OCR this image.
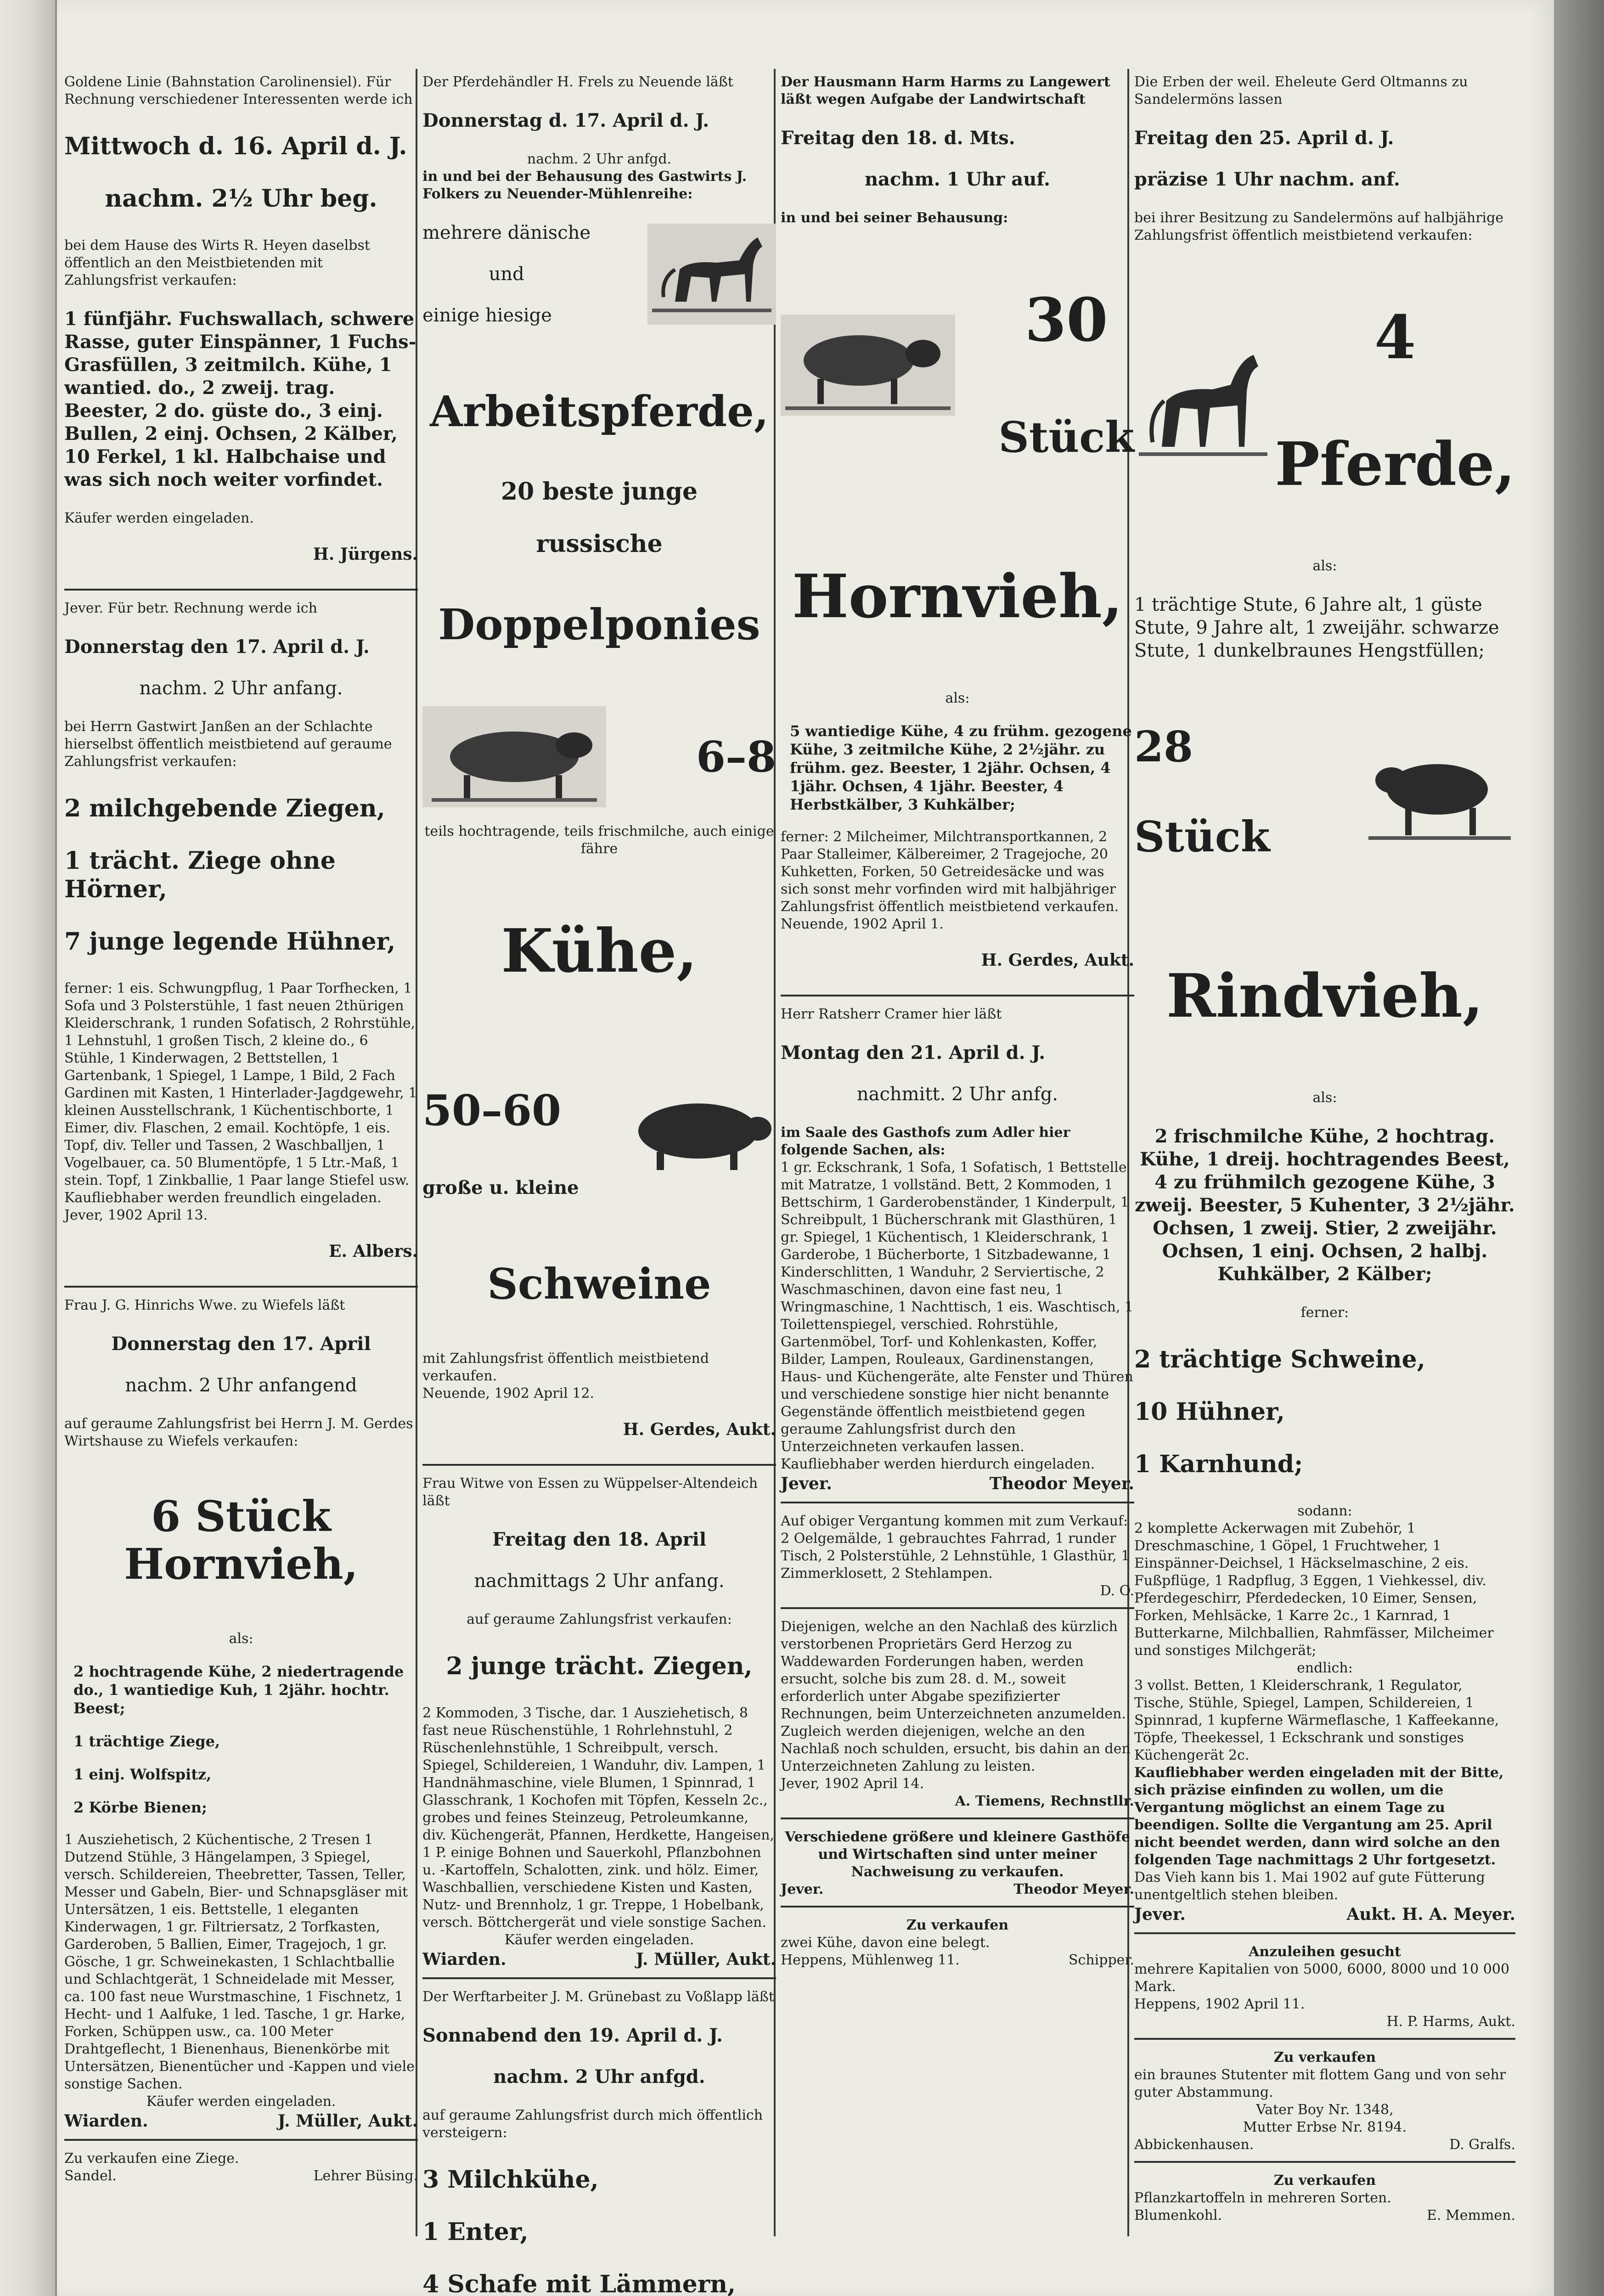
Goldene Linie (Bahnstation Carolinensiel). Für Rechnung verschiedener Interessenten werde ich

Mittwoch d. 16. April d. J.

nachm. 2½ Uhr beg.

bei dem Hause des Wirts R. Heyen daselbst öffentlich an den Meistbietenden mit Zahlungsfrist verkaufen:

1 fünfjähr. Fuchswallach, schwere Rasse, guter Einspänner, 1 Fuchs-Grasfüllen, 3 zeitmilch. Kühe, 1 wantied. do., 2 zweij. trag. Beester, 2 do. güste do., 3 einj. Bullen, 2 einj. Ochsen, 2 Kälber, 10 Ferkel, 1 kl. Halbchaise und was sich noch weiter vorfindet.

Käufer werden eingeladen.

H. Jürgens.

Jever. Für betr. Rechnung werde ich

Donnerstag den 17. April d. J.

nachm. 2 Uhr anfang.

bei Herrn Gastwirt Janßen an der Schlachte hierselbst öffentlich meistbietend auf geraume Zahlungsfrist verkaufen:

2 milchgebende Ziegen,

1 trächt. Ziege ohne Hörner,

7 junge legende Hühner,

ferner: 1 eis. Schwungpflug, 1 Paar Torfhecken, 1 Sofa und 3 Polsterstühle, 1 fast neuen 2thürigen Kleiderschrank, 1 runden Sofatisch, 2 Rohrstühle, 1 Lehnstuhl, 1 großen Tisch, 2 kleine do., 6 Stühle, 1 Kinderwagen, 2 Bettstellen, 1 Gartenbank, 1 Spiegel, 1 Lampe, 1 Bild, 2 Fach Gardinen mit Kasten, 1 Hinterlader-Jagdgewehr, 1 kleinen Ausstellschrank, 1 Küchentischborte, 1 Eimer, div. Flaschen, 2 email. Kochtöpfe, 1 eis. Topf, div. Teller und Tassen, 2 Waschballjen, 1 Vogelbauer, ca. 50 Blumentöpfe, 1 5 Ltr.-Maß, 1 stein. Topf, 1 Zinkballie, 1 Paar lange Stiefel usw.

Kaufliebhaber werden freundlich eingeladen.

Jever, 1902 April 13.

E. Albers.

Frau J. G. Hinrichs Wwe. zu Wiefels läßt

Donnerstag den 17. April

nachm. 2 Uhr anfangend

auf geraume Zahlungsfrist bei Herrn J. M. Gerdes Wirtshause zu Wiefels verkaufen:

6 Stück Hornvieh,

als:

2 hochtragende Kühe, 2 niedertragende do., 1 wantiedige Kuh, 1 2jähr. hochtr. Beest;

1 trächtige Ziege,

1 einj. Wolfspitz,

2 Körbe Bienen;

1 Ausziehetisch, 2 Küchentische, 2 Tresen 1 Dutzend Stühle, 3 Hängelampen, 3 Spiegel, versch. Schildereien, Theebretter, Tassen, Teller, Messer und Gabeln, Bier- und Schnapsgläser mit Untersätzen, 1 eis. Bettstelle, 1 eleganten Kinderwagen, 1 gr. Filtriersatz, 2 Torfkasten, Garderoben, 5 Ballien, Eimer, Tragejoch, 1 gr. Gösche, 1 gr. Schweinekasten, 1 Schlachtballie und Schlachtgerät, 1 Schneidelade mit Messer, ca. 100 fast neue Wurstmaschine, 1 Fischnetz, 1 Hecht- und 1 Aalfuke, 1 led. Tasche, 1 gr. Harke, Forken, Schüppen usw., ca. 100 Meter Drahtgeflecht, 1 Bienenhaus, Bienenkörbe mit Untersätzen, Bienentücher und -Kappen und viele sonstige Sachen.

Käufer werden eingeladen.

Wiarden.	J. Müller, Aukt.

Zu verkaufen eine Ziege.

Sandel.	Lehrer Büsing.

Der Pferdehändler H. Frels zu Neuende läßt

Donnerstag d. 17. April d. J.

nachm. 2 Uhr anfgd.

in und bei der Behausung des Gastwirts J. Folkers zu Neuender-Mühlenreihe:

mehrere dänische

und

einige hiesige

Arbeitspferde,

20 beste junge

russische

Doppelponies

6–8

teils hochtragende, teils frischmilche, auch einige fähre

Kühe,

50–60

große u. kleine

Schweine

mit Zahlungsfrist öffentlich meistbietend verkaufen.

Neuende, 1902 April 12.

H. Gerdes, Aukt.

Frau Witwe von Essen zu Wüppelser-Altendeich läßt

Freitag den 18. April

nachmittags 2 Uhr anfang.

auf geraume Zahlungsfrist verkaufen:

2 junge trächt. Ziegen,

2 Kommoden, 3 Tische, dar. 1 Ausziehetisch, 8 fast neue Rüschenstühle, 1 Rohrlehnstuhl, 2 Rüschenlehnstühle, 1 Schreibpult, versch. Spiegel, Schildereien, 1 Wanduhr, div. Lampen, 1 Handnähmaschine, viele Blumen, 1 Spinnrad, 1 Glasschrank, 1 Kochofen mit Töpfen, Kesseln 2c., grobes und feines Steinzeug, Petroleumkanne, div. Küchengerät, Pfannen, Herdkette, Hangeisen, 1 P. einige Bohnen und Sauerkohl, Pflanzbohnen u. -Kartoffeln, Schalotten, zink. und hölz. Eimer, Waschballien, verschiedene Kisten und Kasten, Nutz- und Brennholz, 1 gr. Treppe, 1 Hobelbank, versch. Böttchergerät und viele sonstige Sachen.

Käufer werden eingeladen.

Wiarden.	J. Müller, Aukt.

Der Werftarbeiter J. M. Grünebast zu Voßlapp läßt

Sonnabend den 19. April d. J.

nachm. 2 Uhr anfgd.

auf geraume Zahlungsfrist durch mich öffentlich versteigern:

3 Milchkühe,

1 Enter,

4 Schafe mit Lämmern,

Der Hausmann Harm Harms zu Langewert läßt wegen Aufgabe der Landwirtschaft

Freitag den 18. d. Mts.

nachm. 1 Uhr auf.

in und bei seiner Behausung:

30

Stück

Hornvieh,

als:

5 wantiedige Kühe, 4 zu frühm. gezogene Kühe, 3 zeitmilche Kühe, 2 2½jähr. zu frühm. gez. Beester, 1 2jähr. Ochsen, 4 1jähr. Ochsen, 4 1jähr. Beester, 4 Herbstkälber, 3 Kuhkälber;

ferner: 2 Milcheimer, Milchtransportkannen, 2 Paar Stalleimer, Kälbereimer, 2 Tragejoche, 20 Kuhketten, Forken, 50 Getreidesäcke und was sich sonst mehr vorfinden wird mit halbjähriger Zahlungsfrist öffentlich meistbietend verkaufen.

Neuende, 1902 April 1.

H. Gerdes, Aukt.

Herr Ratsherr Cramer hier läßt

Montag den 21. April d. J.

nachmitt. 2 Uhr anfg.

im Saale des Gasthofs zum Adler hier folgende Sachen, als:

1 gr. Eckschrank, 1 Sofa, 1 Sofatisch, 1 Bettstelle mit Matratze, 1 vollständ. Bett, 2 Kommoden, 1 Bettschirm, 1 Garderobenständer, 1 Kinderpult, 1 Schreibpult, 1 Bücherschrank mit Glasthüren, 1 gr. Spiegel, 1 Küchentisch, 1 Kleiderschrank, 1 Garderobe, 1 Bücherborte, 1 Sitzbadewanne, 1 Kinderschlitten, 1 Wanduhr, 2 Serviertische, 2 Waschmaschinen, davon eine fast neu, 1 Wringmaschine, 1 Nachttisch, 1 eis. Waschtisch, 1 Toilettenspiegel, verschied. Rohrstühle, Gartenmöbel, Torf- und Kohlenkasten, Koffer, Bilder, Lampen, Rouleaux, Gardinenstangen, Haus- und Küchengeräte, alte Fenster und Thüren und verschiedene sonstige hier nicht benannte Gegenstände öffentlich meistbietend gegen geraume Zahlungsfrist durch den Unterzeichneten verkaufen lassen.

Kaufliebhaber werden hierdurch eingeladen.

Jever.	Theodor Meyer.

Auf obiger Vergantung kommen mit zum Verkauf:

2 Oelgemälde, 1 gebrauchtes Fahrrad, 1 runder Tisch, 2 Polsterstühle, 2 Lehnstühle, 1 Glasthür, 1 Zimmerklosett, 2 Stehlampen.

D. O.

Diejenigen, welche an den Nachlaß des kürzlich verstorbenen Proprietärs Gerd Herzog zu Waddewarden Forderungen haben, werden ersucht, solche bis zum 28. d. M., soweit erforderlich unter Abgabe spezifizierter Rechnungen, beim Unterzeichneten anzumelden.

Zugleich werden diejenigen, welche an den Nachlaß noch schulden, ersucht, bis dahin an den Unterzeichneten Zahlung zu leisten.

Jever, 1902 April 14.

A. Tiemens, Rechnstllr.

Verschiedene größere und kleinere Gasthöfe und Wirtschaften sind unter meiner Nachweisung zu verkaufen.

Jever.	Theodor Meyer.

Zu verkaufen

zwei Kühe, davon eine belegt.

Heppens, Mühlenweg 11.	Schipper.

Die Erben der weil. Eheleute Gerd Oltmanns zu Sandelermöns lassen

Freitag den 25. April d. J.

präzise 1 Uhr nachm. anf.

bei ihrer Besitzung zu Sandelermöns auf halbjährige Zahlungsfrist öffentlich meistbietend verkaufen:

4

Pferde,

als:

1 trächtige Stute, 6 Jahre alt, 1 güste Stute, 9 Jahre alt, 1 zweijähr. schwarze Stute, 1 dunkelbraunes Hengstfüllen;

28

Stück

Rindvieh,

als:

2 frischmilche Kühe, 2 hochtrag. Kühe, 1 dreij. hochtragendes Beest, 4 zu frühmilch gezogene Kühe, 3 zweij. Beester, 5 Kuhenter, 3 2½jähr. Ochsen, 1 zweij. Stier, 2 zweijähr. Ochsen, 1 einj. Ochsen, 2 halbj. Kuhkälber, 2 Kälber;

ferner:

2 trächtige Schweine,

10 Hühner,

1 Karnhund;

sodann:

2 komplette Ackerwagen mit Zubehör, 1 Dreschmaschine, 1 Göpel, 1 Fruchtweher, 1 Einspänner-Deichsel, 1 Häckselmaschine, 2 eis. Fußpflüge, 1 Radpflug, 3 Eggen, 1 Viehkessel, div. Pferdegeschirr, Pferdedecken, 10 Eimer, Sensen, Forken, Mehlsäcke, 1 Karre 2c., 1 Karnrad, 1 Butterkarne, Milchballien, Rahmfässer, Milcheimer und sonstiges Milchgerät;

endlich:

3 vollst. Betten, 1 Kleiderschrank, 1 Regulator, Tische, Stühle, Spiegel, Lampen, Schildereien, 1 Spinnrad, 1 kupferne Wärmeflasche, 1 Kaffeekanne, Töpfe, Theekessel, 1 Eckschrank und sonstiges Küchengerät 2c.

Kaufliebhaber werden eingeladen mit der Bitte, sich präzise einfinden zu wollen, um die Vergantung möglichst an einem Tage zu beendigen. Sollte die Vergantung am 25. April nicht beendet werden, dann wird solche an den folgenden Tage nachmittags 2 Uhr fortgesetzt.

Das Vieh kann bis 1. Mai 1902 auf gute Fütterung unentgeltlich stehen bleiben.

Jever.	Aukt. H. A. Meyer.

Anzuleihen gesucht

mehrere Kapitalien von 5000, 6000, 8000 und 10 000 Mark.

Heppens, 1902 April 11.

H. P. Harms, Aukt.

Zu verkaufen

ein braunes Stutenter mit flottem Gang und von sehr guter Abstammung.

Vater Boy Nr. 1348,

Mutter Erbse Nr. 8194.

Abbickenhausen.	D. Gralfs.

Zu verkaufen

Pflanzkartoffeln in mehreren Sorten.

Blumenkohl.	E. Memmen.
